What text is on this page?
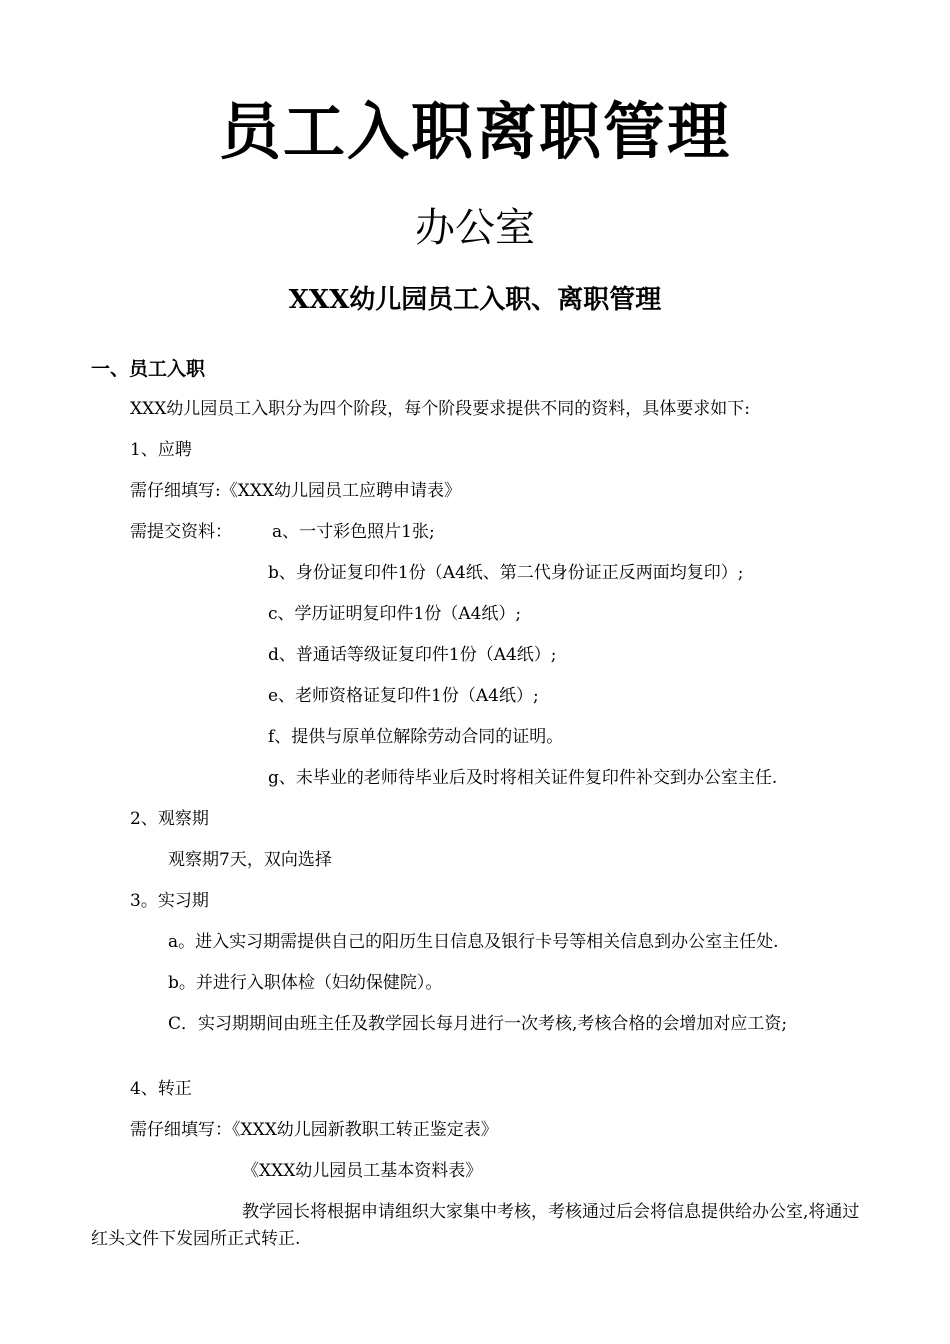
员工入职离职管理
办公室
XXX幼儿园员工入职、离职管理
一、员工入职
XXX幼儿园员工入职分为四个阶段，每个阶段要求提供不同的资料，具体要求如下:
1、应聘
需仔细填写:《XXX幼儿园员工应聘申请表》
需提交资料： a、一寸彩色照片1张;
b、身份证复印件1份（A4纸、第二代身份证正反两面均复印）;
c、学历证明复印件1份（A4纸）;
d、普通话等级证复印件1份（A4纸）;
e、老师资格证复印件1份（A4纸）;
f、提供与原单位解除劳动合同的证明。
g、未毕业的老师待毕业后及时将相关证件复印件补交到办公室主任.
2、观察期
观察期7天，双向选择
3。实习期
a。进入实习期需提供自己的阳历生日信息及银行卡号等相关信息到办公室主任处.
b。并进行入职体检（妇幼保健院）。
C．实习期期间由班主任及教学园长每月进行一次考核,考核合格的会增加对应工资;
4、转正
需仔细填写：《XXX幼儿园新教职工转正鉴定表》
《XXX幼儿园员工基本资料表》
教学园长将根据申请组织大家集中考核，考核通过后会将信息提供给办公室,将通过红头文件下发园所正式转正.
